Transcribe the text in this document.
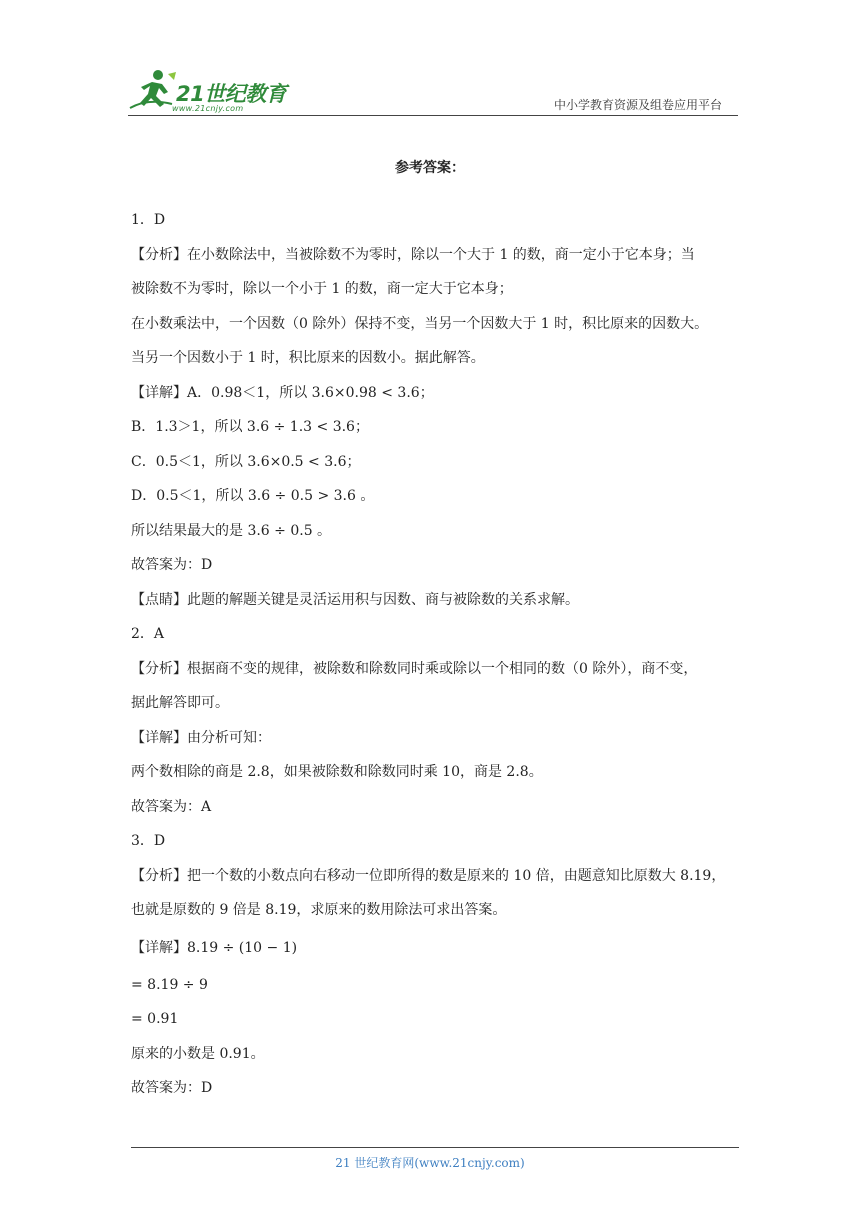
21世纪教育
www.21cnjy.com	中小学教育资源及组卷应用平台
参考答案：

1．D

【分析】在小数除法中，当被除数不为零时，除以一个大于 1 的数，商一定小于它本身；当

被除数不为零时，除以一个小于 1 的数，商一定大于它本身；

在小数乘法中，一个因数（0 除外）保持不变，当另一个因数大于 1 时，积比原来的因数大。

当另一个因数小于 1 时，积比原来的因数小。据此解答。

【详解】A．0.98＜1，所以 3.6×0.98 < 3.6；

B．1.3＞1，所以 3.6 ÷ 1.3 < 3.6；

C．0.5＜1，所以 3.6×0.5 < 3.6；

D．0.5＜1，所以 3.6 ÷ 0.5 > 3.6 。

所以结果最大的是 3.6 ÷ 0.5 。

故答案为：D

【点睛】此题的解题关键是灵活运用积与因数、商与被除数的关系求解。

2．A

【分析】根据商不变的规律，被除数和除数同时乘或除以一个相同的数（0 除外），商不变，

据此解答即可。

【详解】由分析可知：

两个数相除的商是 2.8，如果被除数和除数同时乘 10，商是 2.8。

故答案为：A

3．D

【分析】把一个数的小数点向右移动一位即所得的数是原来的 10 倍，由题意知比原数大 8.19，

也就是原数的 9 倍是 8.19，求原来的数用除法可求出答案。

【详解】8.19 ÷ (10 − 1)

= 8.19 ÷ 9

= 0.91

原来的小数是 0.91。

故答案为：D

21 世纪教育网(www.21cnjy.com)
